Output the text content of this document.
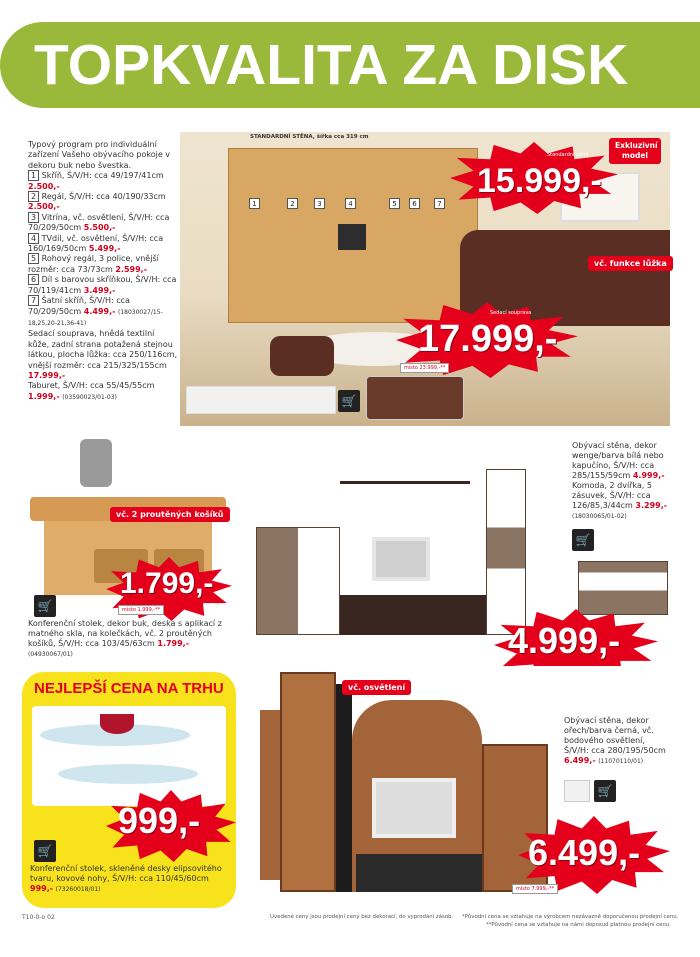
TOPKVALITA ZA DISK
Typový program pro individuální
zařízení Vašeho obývacího pokoje v
dekoru buk nebo švestka.
1 Skříň, Š/V/H: cca 49/197/41cm
2.500,-
2 Regál, Š/V/H: cca 40/190/33cm
2.500,-
3 Vitrína, vč. osvětlení, Š/V/H: cca 70/209/50cm 5.500,-
4 TVdíl, vč. osvětlení, Š/V/H: cca 160/169/50cm 5.499,-
5 Rohový regál, 3 police, vnější rozměr: cca 73/73cm 2.599,-
6 Díl s barovou skříňkou, Š/V/H: cca 70/119/41cm 3.499,-
7 Šatní skříň, Š/V/H: cca 70/209/50cm 4.499,- (18030027/15-18,25,20-21,36-41)
Sedací souprava, hnědá textilní kůže, zadní strana potažená stejnou látkou, plocha lůžka: cca 250/116cm, vnější rozměr: cca 215/325/155cm 17.999,-
Taburet, Š/V/H: cca 55/45/55cm
1.999,- (03590023/01-03)
STANDARDNÍ STĚNA, šířka cca 319 cm
1	2	3	4	5	6	7
Exkluzivní model
Standardní zdroj
15.999,-
vč. funkce lůžka
Sedací souprava
17.999,-
místo 23.999,-**
🛒
vč. 2 proutěných košíků
1.799,-
místo 1.999,-**
🛒
Konferenční stolek, dekor buk, deska s aplikací z matného skla, na kolečkách, vč. 2 proutěných košíků, Š/V/H: cca 103/45/63cm 1.799,- (04930067/01)
Obývací stěna, dekor wenge/barva bílá nebo kapučíno, Š/V/H: cca 285/155/59cm 4.999,- Komoda, 2 dvířka, 5 zásuvek, Š/V/H: cca 126/85,3/44cm 3.299,- (18030065/01-02)
🛒
4.999,-
NEJLEPŠÍ CENA NA TRHU
999,-
🛒
Konferenční stolek, skleněné desky elipsovitého tvaru, kovové nohy, Š/V/H: cca 110/45/60cm 999,- (73260018/01)
vč. osvětlení
Obývací stěna, dekor ořech/barva černá, vč. bodového osvětlení, Š/V/H: cca 280/195/50cm 6.499,- (11070110/01)
🛒
6.499,-
místo 7.999,-**
T10-0-o 02	Uvedené ceny jsou prodejní ceny bez dekorací, do vyprodání zásob. *Původní cena se vztahuje na výrobcem nezávazně doporučenou prodejní cenu.
**Původní cena se vztahuje na námi doposud platnou prodejní cenu.
